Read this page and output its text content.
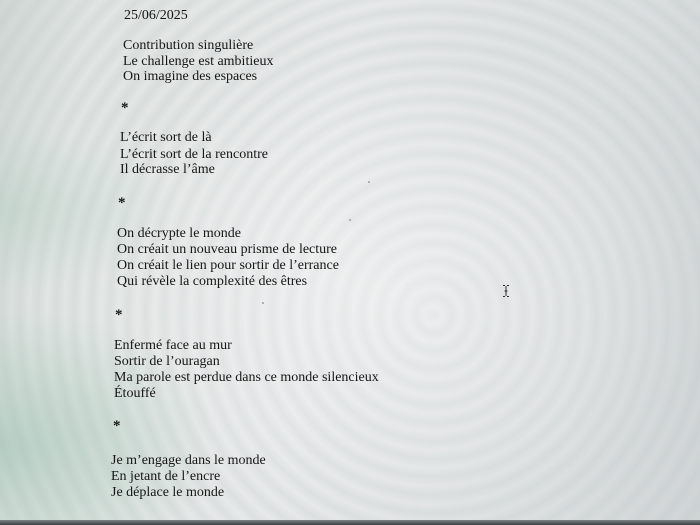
25/06/2025
Contribution singulière
Le challenge est ambitieux
On imagine des espaces
*
L’écrit sort de là
L’écrit sort de la rencontre
Il décrasse l’âme
*
On décrypte le monde
On créait un nouveau prisme de lecture
On créait le lien pour sortir de l’errance
Qui révèle la complexité des êtres
*
Enfermé face au mur
Sortir de l’ouragan
Ma parole est perdue dans ce monde silencieux
Étouffé
*
Je m’engage dans le monde
En jetant de l’encre
Je déplace le monde
